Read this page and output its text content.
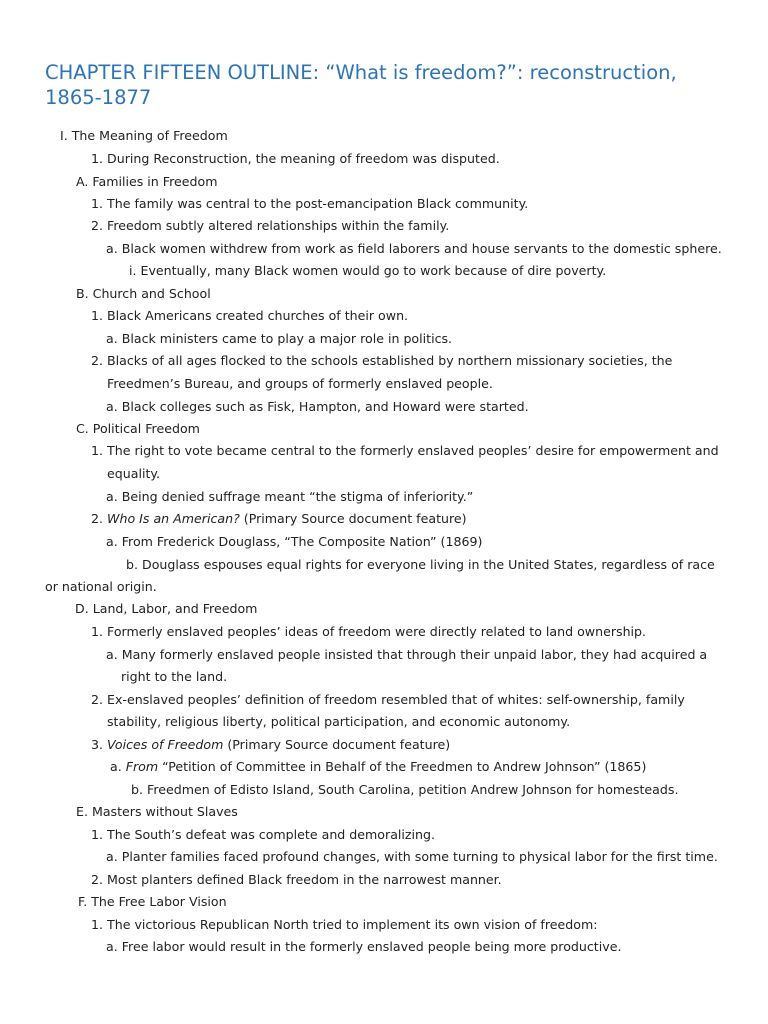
CHAPTER FIFTEEN OUTLINE: “What is freedom?”: reconstruction,
1865-1877
I. The Meaning of Freedom
1. During Reconstruction, the meaning of freedom was disputed.
A. Families in Freedom
1. The family was central to the post-emancipation Black community.
2. Freedom subtly altered relationships within the family.
a. Black women withdrew from work as field laborers and house servants to the domestic sphere.
i. Eventually, many Black women would go to work because of dire poverty.
B. Church and School
1. Black Americans created churches of their own.
a. Black ministers came to play a major role in politics.
2. Blacks of all ages flocked to the schools established by northern missionary societies, the
Freedmen’s Bureau, and groups of formerly enslaved people.
a. Black colleges such as Fisk, Hampton, and Howard were started.
C. Political Freedom
1. The right to vote became central to the formerly enslaved peoples’ desire for empowerment and
equality.
a. Being denied suffrage meant “the stigma of inferiority.”
2. Who Is an American? (Primary Source document feature)
a. From Frederick Douglass, “The Composite Nation” (1869)
b. Douglass espouses equal rights for everyone living in the United States, regardless of race
or national origin.
D. Land, Labor, and Freedom
1. Formerly enslaved peoples’ ideas of freedom were directly related to land ownership.
a. Many formerly enslaved people insisted that through their unpaid labor, they had acquired a
right to the land.
2. Ex-enslaved peoples’ definition of freedom resembled that of whites: self-ownership, family
stability, religious liberty, political participation, and economic autonomy.
3. Voices of Freedom (Primary Source document feature)
a. From “Petition of Committee in Behalf of the Freedmen to Andrew Johnson” (1865)
b. Freedmen of Edisto Island, South Carolina, petition Andrew Johnson for homesteads.
E. Masters without Slaves
1. The South’s defeat was complete and demoralizing.
a. Planter families faced profound changes, with some turning to physical labor for the first time.
2. Most planters defined Black freedom in the narrowest manner.
F. The Free Labor Vision
1. The victorious Republican North tried to implement its own vision of freedom:
a. Free labor would result in the formerly enslaved people being more productive.
